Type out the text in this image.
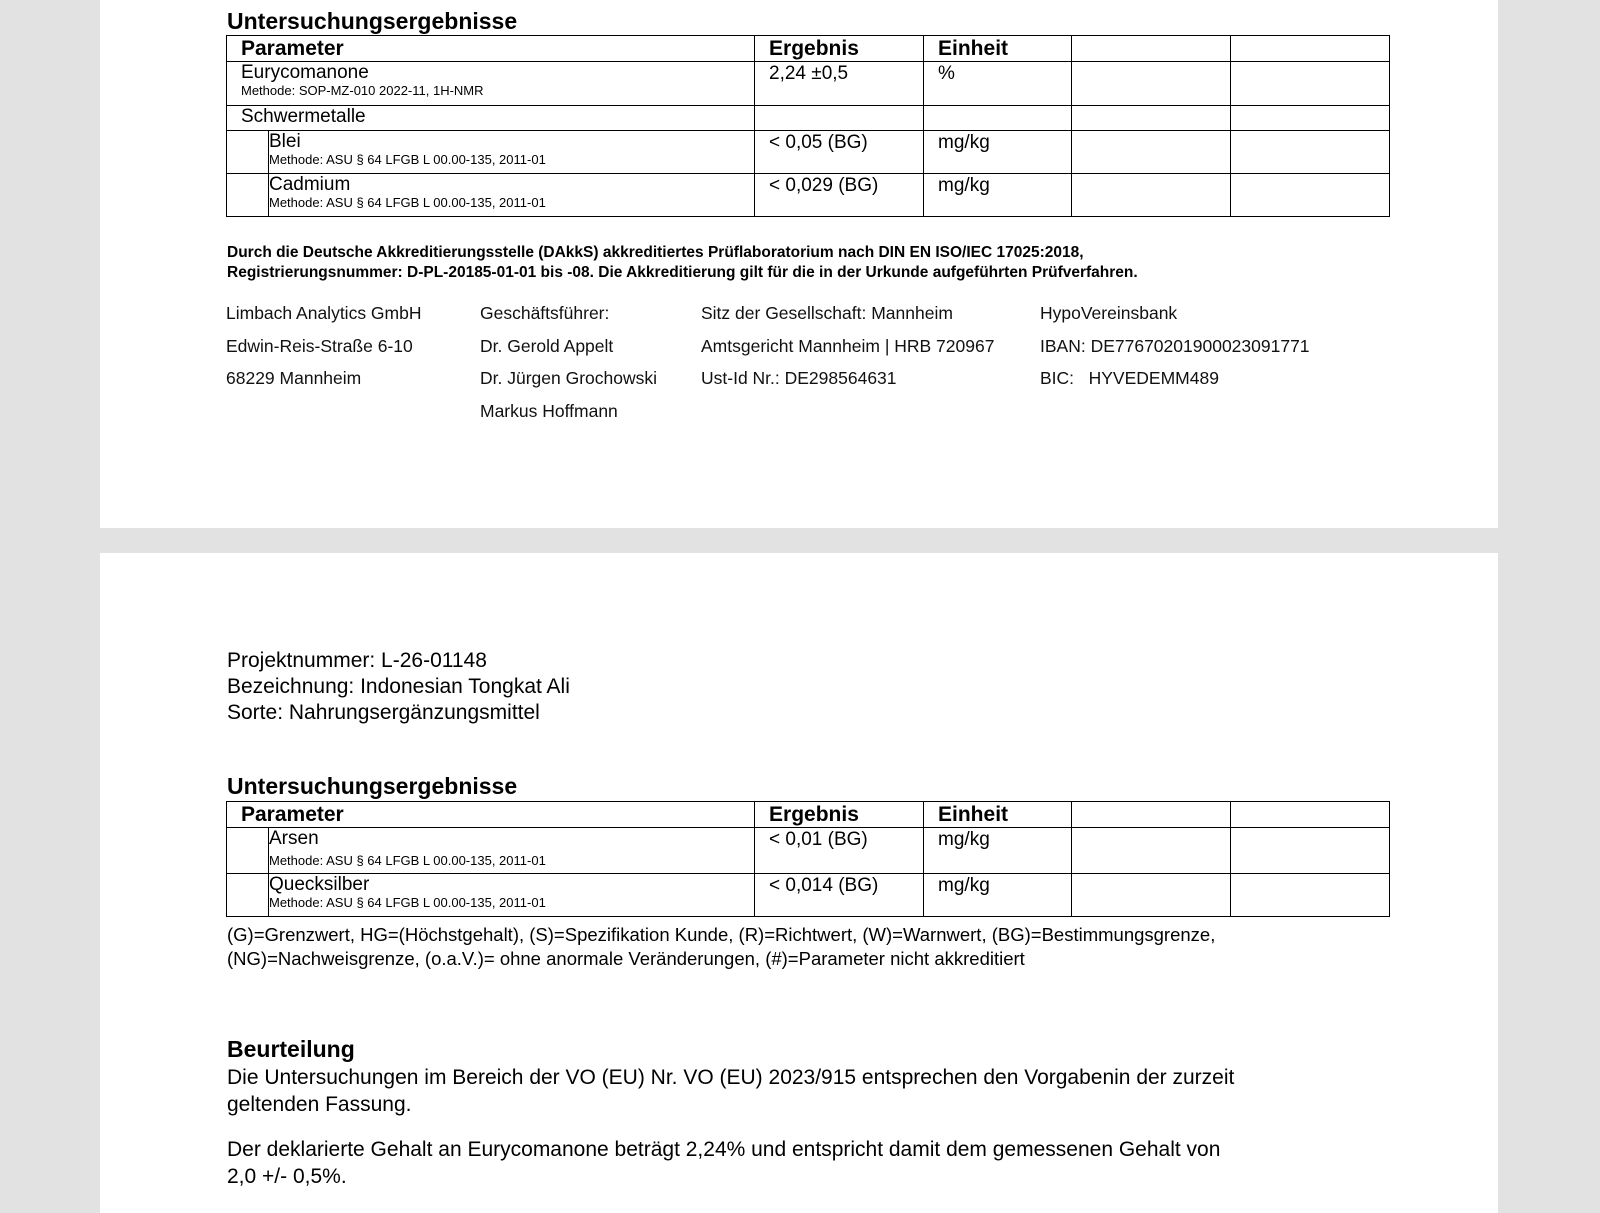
Untersuchungsergebnisse
Parameter		Ergebnis	Einheit		

Eurycomanone
Methode: SOP-MZ-010 2022-11, 1H-NMR		2,24 ±0,5	%		

Schwermetalle					

	Blei
Methode: ASU § 64 LFGB L 00.00-135, 2011-01	< 0,05 (BG)	mg/kg		

	Cadmium
Methode: ASU § 64 LFGB L 00.00-135, 2011-01	< 0,029 (BG)	mg/kg		

Durch die Deutsche Akkreditierungsstelle (DAkkS) akkreditiertes Prüflaboratorium nach DIN EN ISO/IEC 17025:2018,
Registrierungsnummer: D-PL-20185-01-01 bis -08. Die Akkreditierung gilt für die in der Urkunde aufgeführten Prüfverfahren.

Limbach Analytics GmbH
Edwin-Reis-Straße 6-10
68229 Mannheim
Geschäftsführer:
Dr. Gerold Appelt
Dr. Jürgen Grochowski
Markus Hoffmann
Sitz der Gesellschaft: Mannheim
Amtsgericht Mannheim | HRB 720967
Ust-Id Nr.: DE298564631
HypoVereinsbank
IBAN: DE77670201900023091771
BIC:   HYVEDEMM489
Projektnummer: L-26-01148
Bezeichnung: Indonesian Tongkat Ali
Sorte: Nahrungsergänzungsmittel
Untersuchungsergebnisse
Parameter		Ergebnis	Einheit		

	Arsen
Methode: ASU § 64 LFGB L 00.00-135, 2011-01	< 0,01 (BG)	mg/kg		

	Quecksilber
Methode: ASU § 64 LFGB L 00.00-135, 2011-01	< 0,014 (BG)	mg/kg		

(G)=Grenzwert, HG=(Höchstgehalt), (S)=Spezifikation Kunde, (R)=Richtwert, (W)=Warnwert, (BG)=Bestimmungsgrenze,
(NG)=Nachweisgrenze, (o.a.V.)= ohne anormale Veränderungen, (#)=Parameter nicht akkreditiert

Beurteilung

Die Untersuchungen im Bereich der VO (EU) Nr. VO (EU) 2023/915 entsprechen den Vorgabenin der zurzeit
geltenden Fassung.

Der deklarierte Gehalt an Eurycomanone beträgt 2,24% und entspricht damit dem gemessenen Gehalt von
2,0 +/- 0,5%.
